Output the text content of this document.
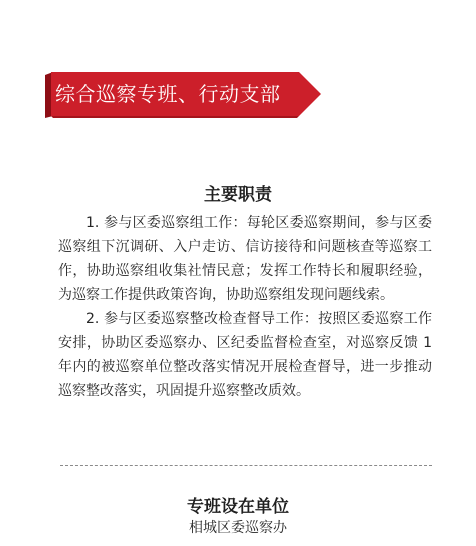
综合巡察专班、行动支部
主要职责

1. 参与区委巡察组工作：每轮区委巡察期间，参与区委巡察组下沉调研、入户走访、信访接待和问题核查等巡察工作，协助巡察组收集社情民意；发挥工作特长和履职经验，为巡察工作提供政策咨询，协助巡察组发现问题线索。

2. 参与区委巡察整改检查督导工作：按照区委巡察工作安排，协助区委巡察办、区纪委监督检查室，对巡察反馈 1 年内的被巡察单位整改落实情况开展检查督导，进一步推动巡察整改落实，巩固提升巡察整改质效。

专班设在单位
相城区委巡察办
